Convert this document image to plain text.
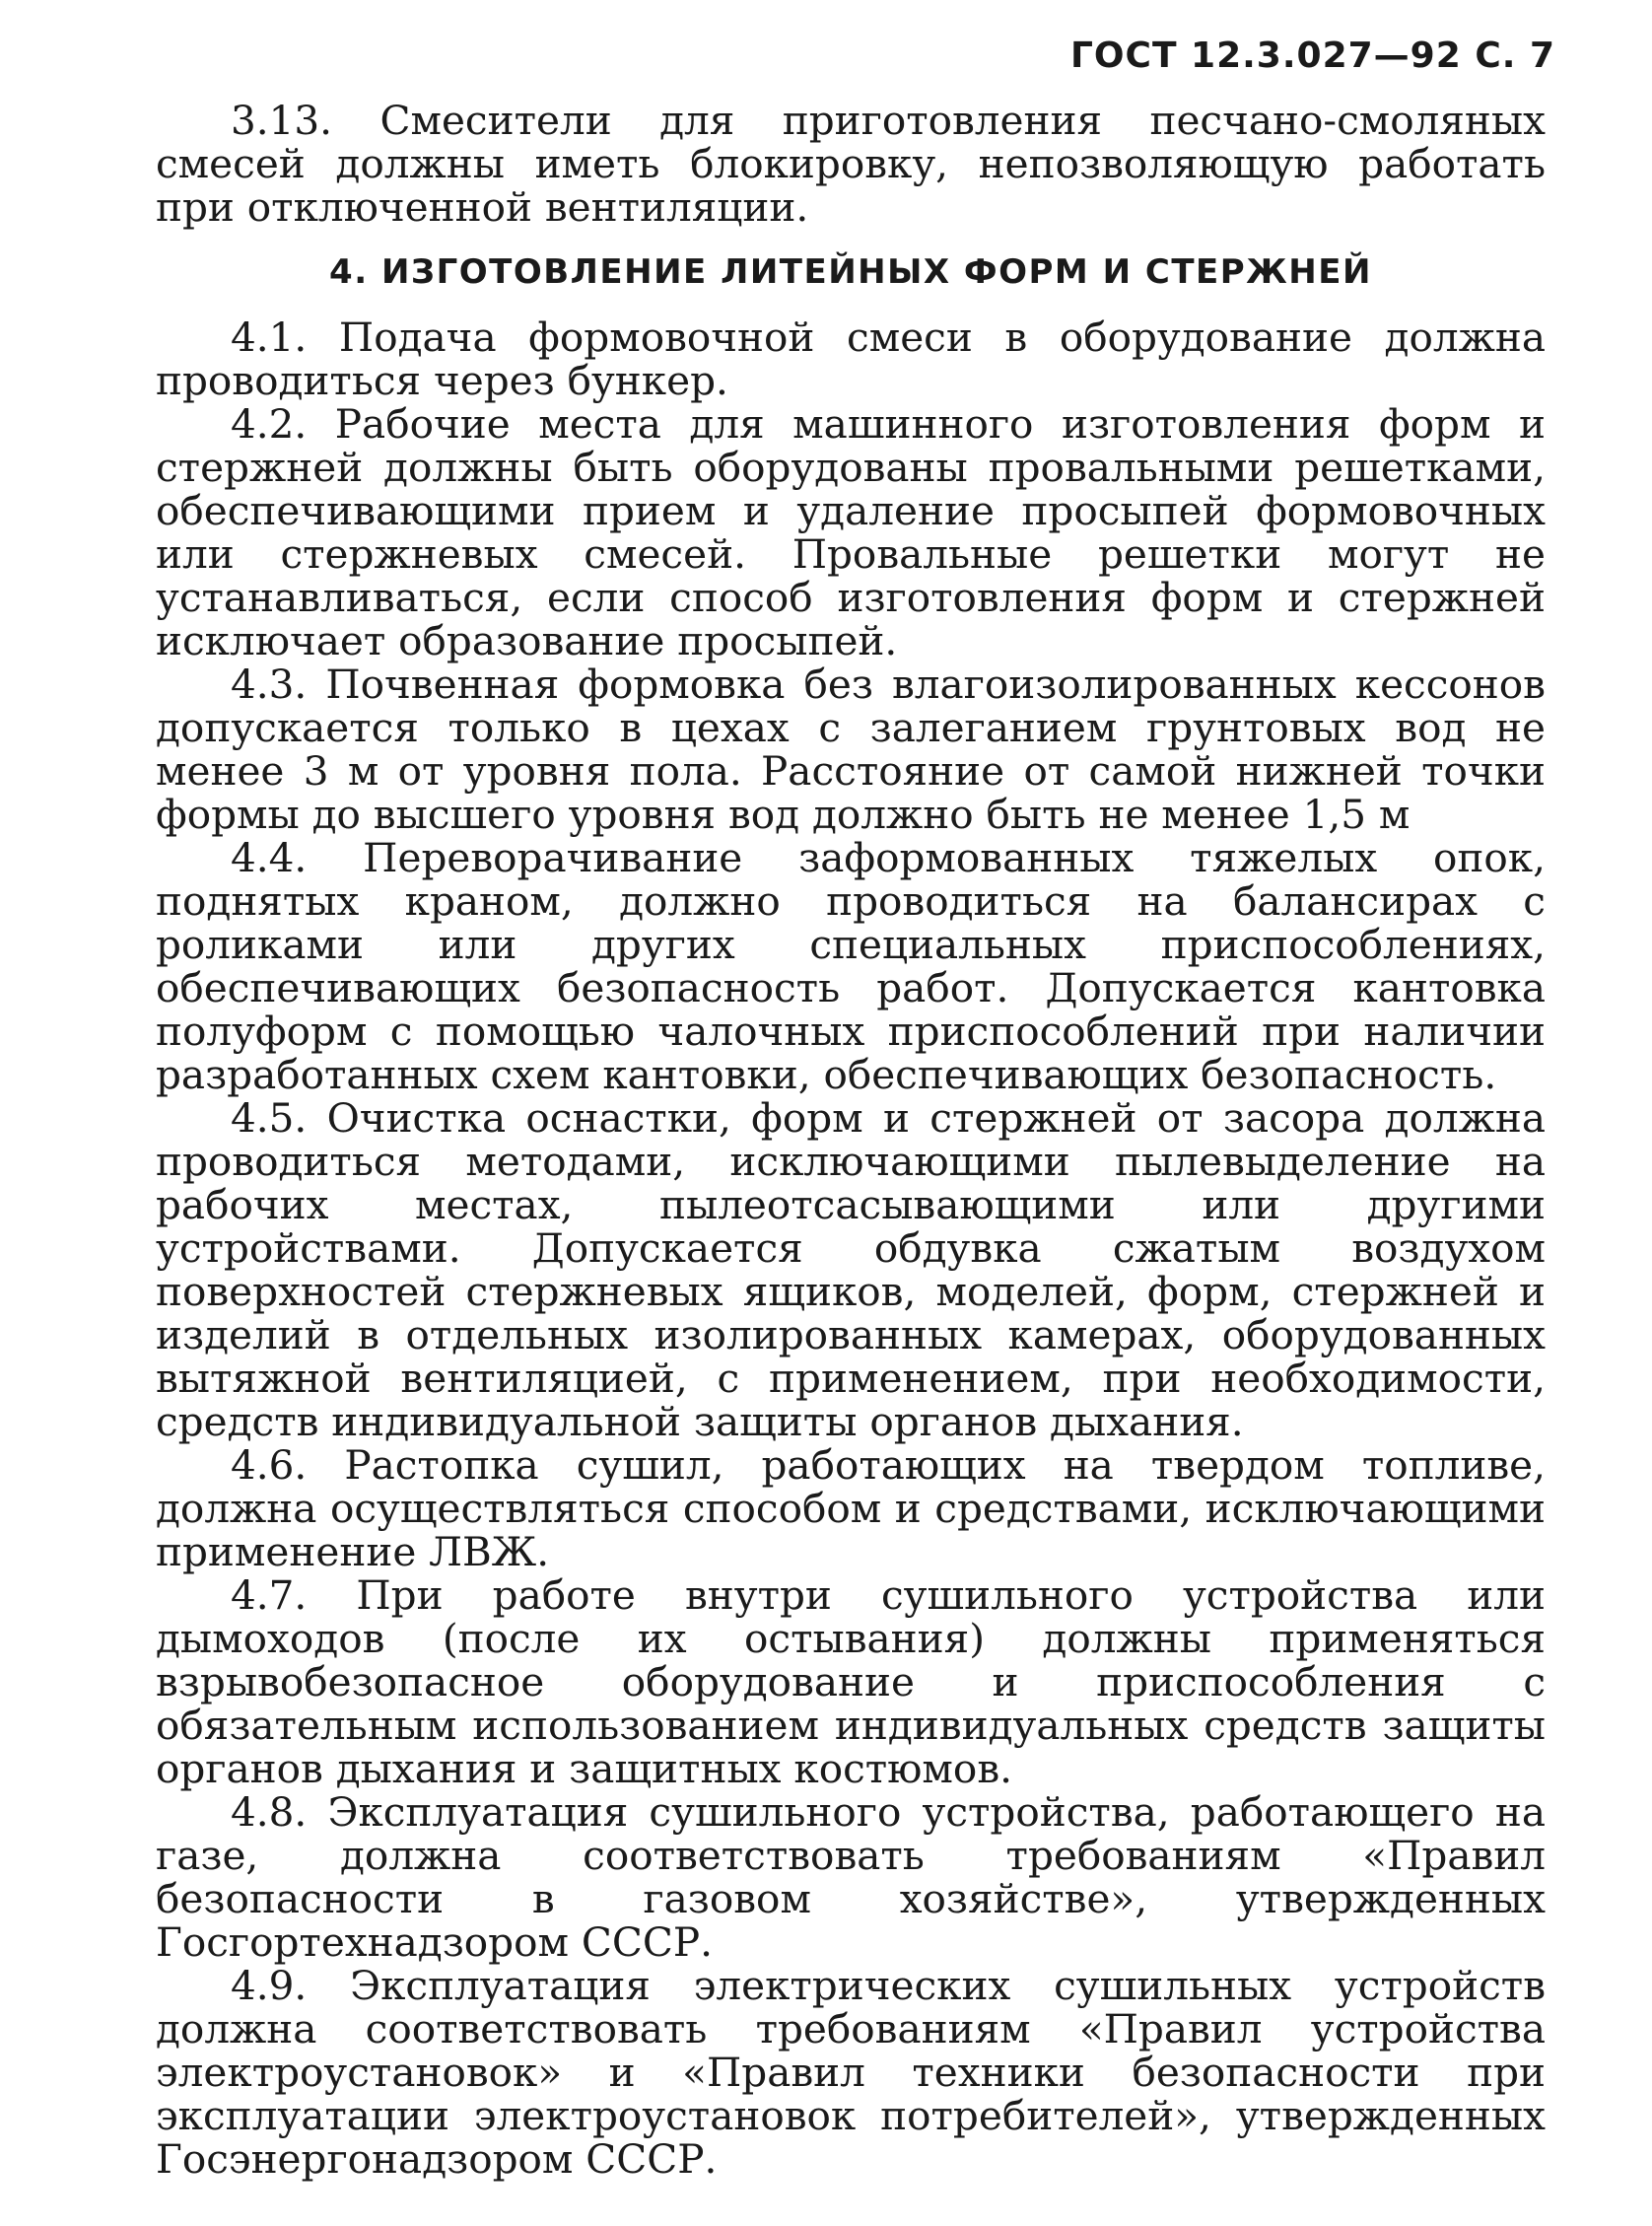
ГОСТ 12.3.027—92 С. 7

3.13. Смесители для приготовления песчано-смоляных смесей должны иметь блокировку, непозволяющую работать при отключенной вентиляции.

4. ИЗГОТОВЛЕНИЕ ЛИТЕЙНЫХ ФОРМ И СТЕРЖНЕЙ

4.1. Подача формовочной смеси в оборудование должна проводиться через бункер.

4.2. Рабочие места для машинного изготовления форм и стержней должны быть оборудованы провальными решетками, обеспечивающими прием и удаление просыпей формовочных или стержневых смесей. Провальные решетки могут не устанавливаться, если способ изготовления форм и стержней исключает образование просыпей.

4.3. Почвенная формовка без влагоизолированных кессонов допускается только в цехах с залеганием грунтовых вод не менее 3 м от уровня пола. Расстояние от самой нижней точки формы до высшего уровня вод должно быть не менее 1,5 м

4.4. Переворачивание заформованных тяжелых опок, поднятых краном, должно проводиться на балансирах с роликами или других специальных приспособлениях, обеспечивающих безопасность работ. Допускается кантовка полуформ с помощью чалочных приспособлений при наличии разработанных схем кантовки, обеспечивающих безопасность.

4.5. Очистка оснастки, форм и стержней от засора должна проводиться методами, исключающими пылевыделение на рабочих местах, пылеотсасывающими или другими устройствами. Допускается обдувка сжатым воздухом поверхностей стержневых ящиков, моделей, форм, стержней и изделий в отдельных изолированных камерах, оборудованных вытяжной вентиляцией, с применением, при необходимости, средств индивидуальной защиты органов дыхания.

4.6. Растопка сушил, работающих на твердом топливе, должна осуществляться способом и средствами, исключающими применение ЛВЖ.

4.7. При работе внутри сушильного устройства или дымоходов (после их остывания) должны применяться взрывобезопасное оборудование и приспособления с обязательным использованием индивидуальных средств защиты органов дыхания и защитных костюмов.

4.8. Эксплуатация сушильного устройства, работающего на газе, должна соответствовать требованиям «Правил безопасности в газовом хозяйстве», утвержденных Госгортехнадзором СССР.

4.9. Эксплуатация электрических сушильных устройств должна соответствовать требованиям «Правил устройства электроустановок» и «Правил техники безопасности при эксплуатации электроустановок потребителей», утвержденных Госэнергонадзором СССР.
